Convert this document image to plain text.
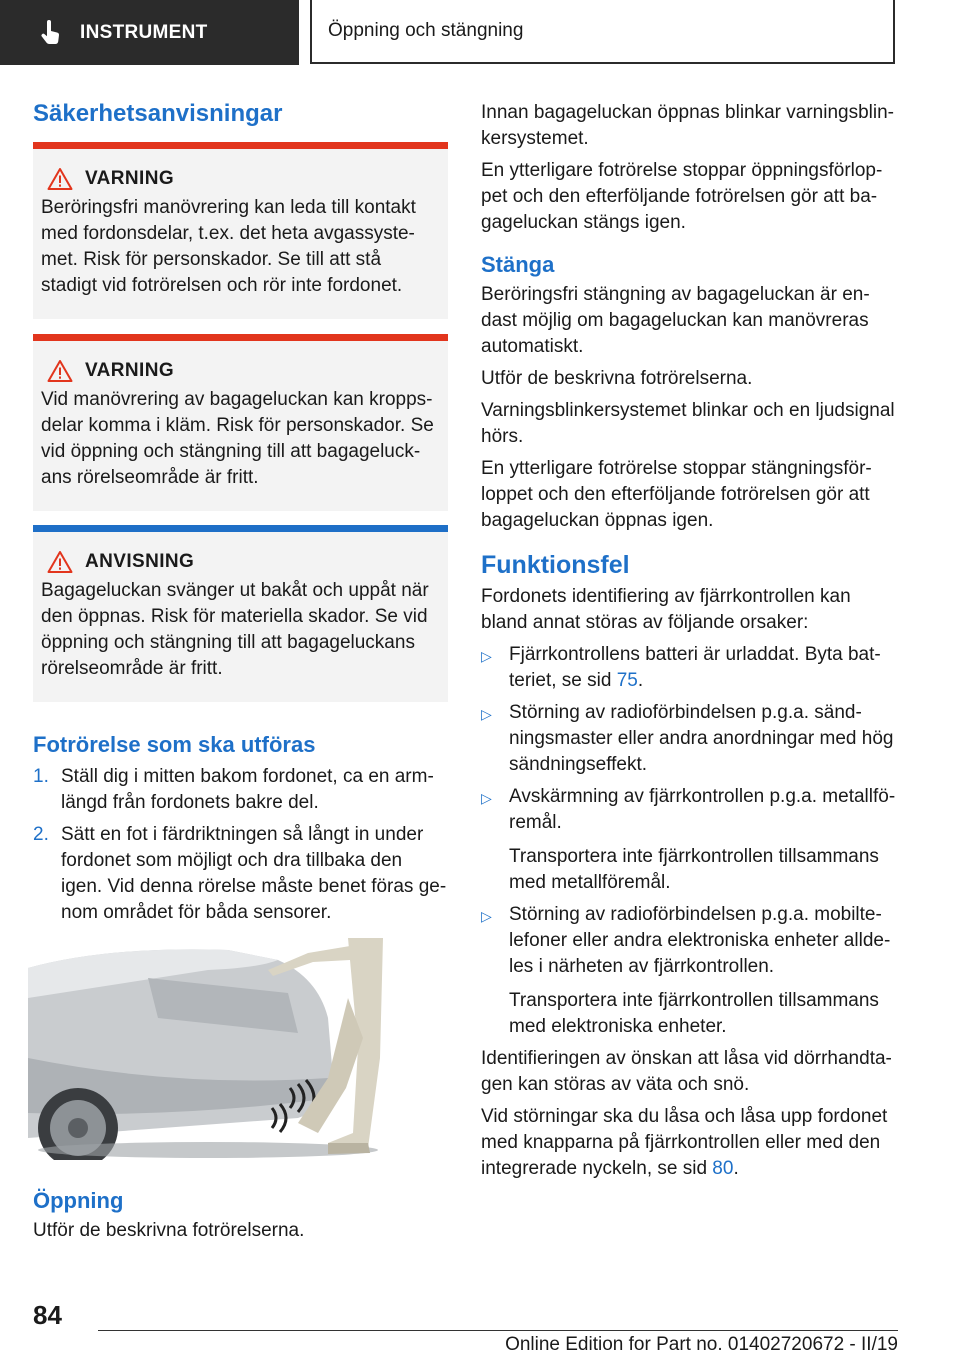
INSTRUMENT	Öppning och stängning
Säkerhetsanvisningar
VARNING

Beröringsfri manövrering kan leda till kontakt med fordonsdelar, t.ex. det heta avgassyste- met. Risk för personskador. Se till att stå stadigt vid fotrörelsen och rör inte fordonet.

VARNING

Vid manövrering av bagageluckan kan kropps- delar komma i kläm. Risk för personskador. Se vid öppning och stängning till att bagageluck- ans rörelseområde är fritt.

ANVISNING

Bagageluckan svänger ut bakåt och uppåt när den öppnas. Risk för materiella skador. Se vid öppning och stängning till att bagageluckans rörelseområde är fritt.

Fotrörelse som ska utföras
1. Ställ dig i mitten bakom fordonet, ca en arm- längd från fordonets bakre del.
2. Sätt en fot i färdriktningen så långt in under fordonet som möjligt och dra tillbaka den igen. Vid denna rörelse måste benet föras ge- nom området för båda sensorer.
Öppning

Utför de beskrivna fotrörelserna.

Innan bagageluckan öppnas blinkar varningsblin- kersystemet.

En ytterligare fotrörelse stoppar öppningsförlop- pet och den efterföljande fotrörelsen gör att ba- gageluckan stängs igen.

Stänga

Beröringsfri stängning av bagageluckan är en- dast möjlig om bagageluckan kan manövreras automatiskt.

Utför de beskrivna fotrörelserna.

Varningsblinkersystemet blinkar och en ljudsignal hörs.

En ytterligare fotrörelse stoppar stängningsför- loppet och den efterföljande fotrörelsen gör att bagageluckan öppnas igen.

Funktionsfel

Fordonets identifiering av fjärrkontrollen kan bland annat störas av följande orsaker:

▷ Fjärrkontrollens batteri är urladdat. Byta bat- teriet, se sid 75.
▷ Störning av radioförbindelsen p.g.a. sänd- ningsmaster eller andra anordningar med hög sändningseffekt.
▷ Avskärmning av fjärrkontrollen p.g.a. metallfö- remål.
Transportera inte fjärrkontrollen tillsammans med metallföremål.
▷ Störning av radioförbindelsen p.g.a. mobilte- lefoner eller andra elektroniska enheter allde- les i närheten av fjärrkontrollen.
Transportera inte fjärrkontrollen tillsammans med elektroniska enheter.

Identifieringen av önskan att låsa vid dörrhandta- gen kan störas av väta och snö.

Vid störningar ska du låsa och låsa upp fordonet med knapparna på fjärrkontrollen eller med den integrerade nyckeln, se sid 80.

84
Online Edition for Part no. 01402720672 - II/19
